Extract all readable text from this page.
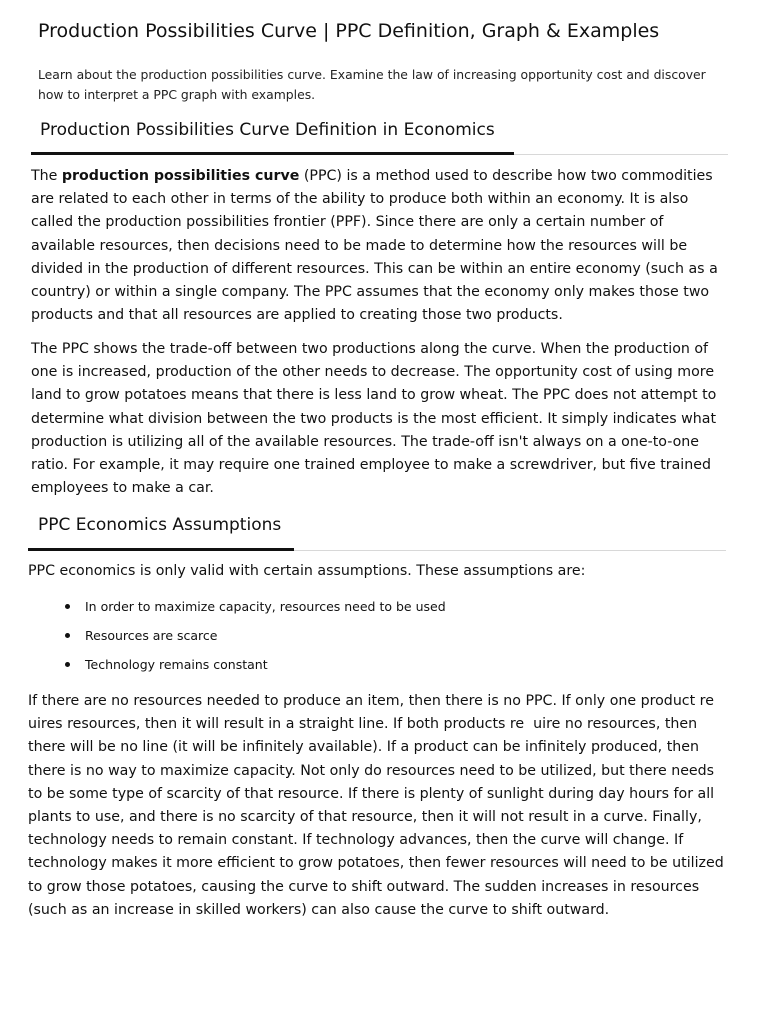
Production Possibilities Curve | PPC Definition, Graph & Examples

Learn about the production possibilities curve. Examine the law of increasing opportunity cost and discover how to interpret a PPC graph with examples.

Production Possibilities Curve Definition in Economics

The production possibilities curve (PPC) is a method used to describe how two commodities are related to each other in terms of the ability to produce both within an economy. It is also called the production possibilities frontier (PPF). Since there are only a certain number of available resources, then decisions need to be made to determine how the resources will be divided in the production of different resources. This can be within an entire economy (such as a country) or within a single company. The PPC assumes that the economy only makes those two products and that all resources are applied to creating those two products.

The PPC shows the trade-off between two productions along the curve. When the production of one is increased, production of the other needs to decrease. The opportunity cost of using more land to grow potatoes means that there is less land to grow wheat. The PPC does not attempt to determine what division between the two products is the most efficient. It simply indicates what production is utilizing all of the available resources. The trade-off isn't always on a one-to-one ratio. For example, it may require one trained employee to make a screwdriver, but five trained employees to make a car.

PPC Economics Assumptions

PPC economics is only valid with certain assumptions. These assumptions are:

In order to maximize capacity, resources need to be used
Resources are scarce
Technology remains constant

If there are no resources needed to produce an item, then there is no PPC. If only one product re  uires resources, then it will result in a straight line. If both products re  uire no resources, then there will be no line (it will be infinitely available). If a product can be infinitely produced, then there is no way to maximize capacity. Not only do resources need to be utilized, but there needs to be some type of scarcity of that resource. If there is plenty of sunlight during day hours for all plants to use, and there is no scarcity of that resource, then it will not result in a curve. Finally, technology needs to remain constant. If technology advances, then the curve will change. If technology makes it more efficient to grow potatoes, then fewer resources will need to be utilized to grow those potatoes, causing the curve to shift outward. The sudden increases in resources (such as an increase in skilled workers) can also cause the curve to shift outward.
